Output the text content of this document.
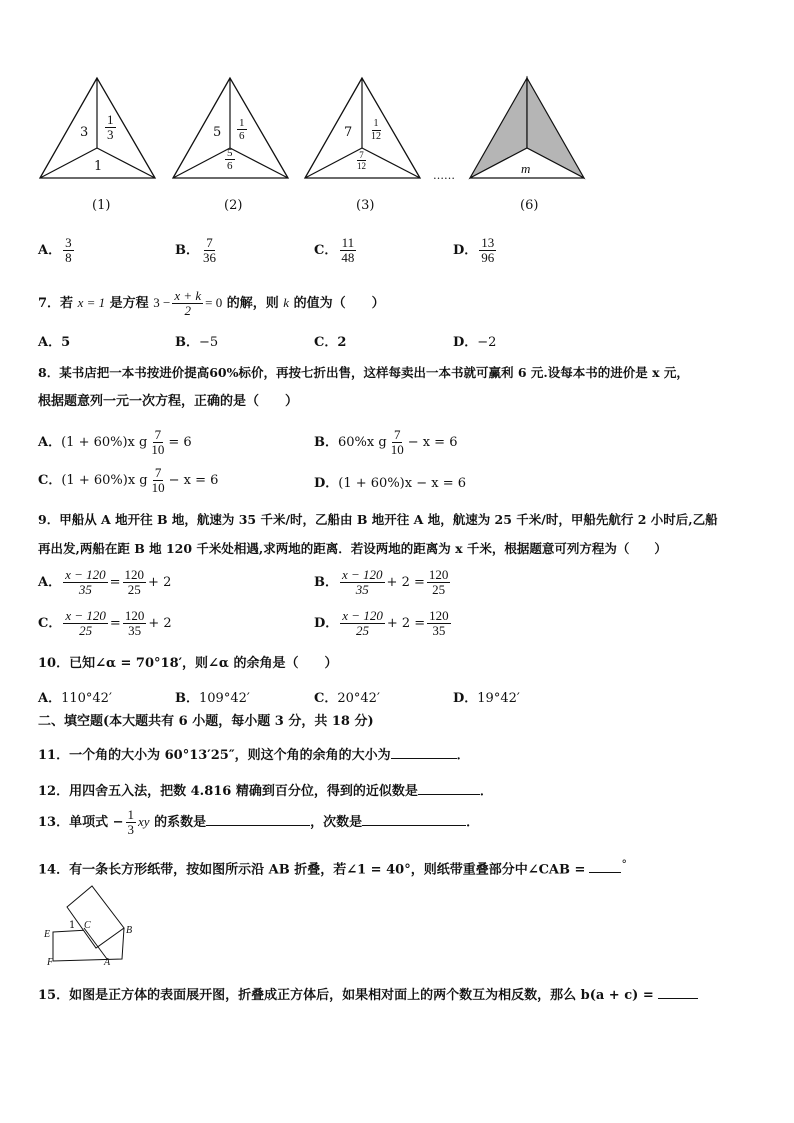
$3 \frac{1}{3}$
1
$5 \frac{1}{6}$
$\frac{5}{6}$
$7 \frac{1}{12}$
$\frac{7}{12}$
……	m
(1)	(2)	(3)	(6)
A． $\frac{3}{8}$	B． $\frac{7}{36}$	C． $\frac{11}{48}$	D． $\frac{13}{96}$
7．若 x = 1 是方程 $3 - \frac{x + k}{2} = 0$ 的解，则 k 的值为（　　）
A．5	B．−5	C．2	D．−2
8．某书店把一本书按进价提高60%标价，再按七折出售，这样每卖出一本书就可赢利 6 元.设每本书的进价是 x 元，
根据题意列一元一次方程，正确的是（　　）
A．(1 + 60%)x g $\frac{7}{10} = 6$	B．60%x g $\frac{7}{10} - x = 6$
C．(1 + 60%)x g $\frac{7}{10} - x = 6$	D．(1 + 60%)x − x = 6
9．甲船从 A 地开往 B 地，航速为 35 千米/时，乙船由 B 地开往 A 地，航速为 25 千米/时，甲船先航行 2 小时后,乙船
再出发,两船在距 B 地 120 千米处相遇,求两地的距离．若设两地的距离为 x 千米，根据题意可列方程为（　　）
A． $\frac{x - 120}{35} = \frac{120}{25} + 2$	B． $\frac{x - 120}{35} + 2 = \frac{120}{25}$
C． $\frac{x - 120}{25} = \frac{120}{35} + 2$	D． $\frac{x - 120}{25} + 2 = \frac{120}{35}$
10．已知∠α = 70°18′，则∠α 的余角是（　　）
A．110°42′	B．109°42′	C．20°42′	D．19°42′
二、填空题(本大题共有 6 小题，每小题 3 分，共 18 分)
11．一个角的大小为 60°13′25″，则这个角的余角的大小为	．
12．用四舍五入法，把数 4.816 精确到百分位，得到的近似数是	．
13．单项式 − $\frac{1}{3}$ xy 的系数是	，次数是	．
14．有一条长方形纸带，按如图所示沿 AB 折叠，若∠1 = 40°，则纸带重叠部分中∠CAB =	°
E
F	A
B
C
1
15．如图是正方体的表面展开图，折叠成正方体后，如果相对面上的两个数互为相反数，那么 b(a + c) =
